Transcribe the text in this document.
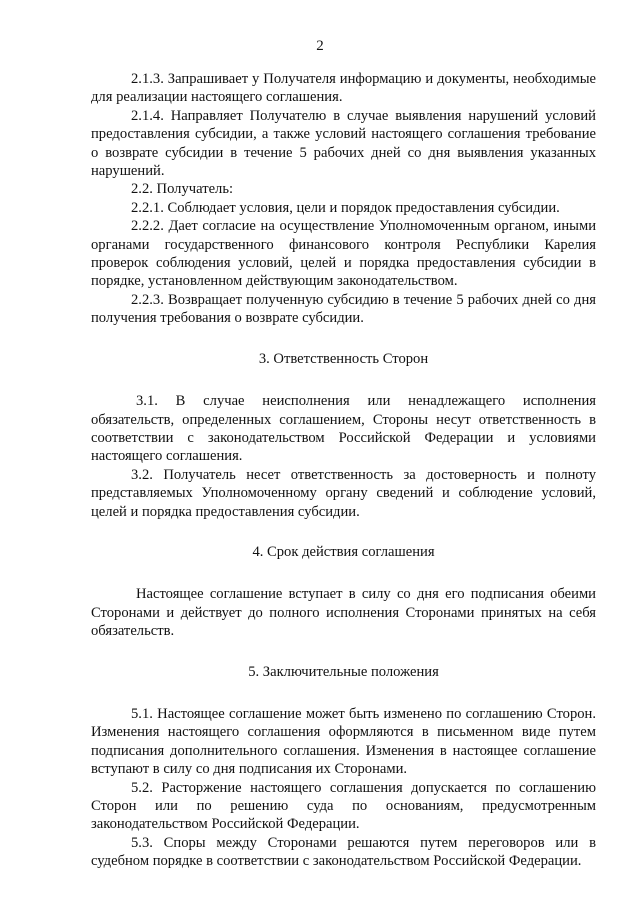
2

2.1.3. Запрашивает у Получателя информацию и документы, необходимые для реализации настоящего соглашения.

2.1.4. Направляет Получателю в случае выявления нарушений условий предоставления субсидии, а также условий настоящего соглашения требование о возврате субсидии в течение 5 рабочих дней со дня выявления указанных нарушений.

2.2. Получатель:

2.2.1. Соблюдает условия, цели и порядок предоставления субсидии.

2.2.2. Дает согласие на осуществление Уполномоченным органом, иными органами государственного финансового контроля Республики Карелия проверок соблюдения условий, целей и порядка предоставления субсидии в порядке, установленном действующим законодательством.

2.2.3. Возвращает полученную субсидию в течение 5 рабочих дней со дня получения требования о возврате субсидии.

3. Ответственность Сторон

3.1. В случае неисполнения или ненадлежащего исполнения обязательств, определенных соглашением, Стороны несут ответственность в соответствии с законодательством Российской Федерации и условиями настоящего соглашения.

3.2. Получатель несет ответственность за достоверность и полноту представляемых Уполномоченному органу сведений и соблюдение условий, целей и порядка предоставления субсидии.

4. Срок действия соглашения

Настоящее соглашение вступает в силу со дня его подписания обеими Сторонами и действует до полного исполнения Сторонами принятых на себя обязательств.

5. Заключительные положения

5.1. Настоящее соглашение может быть изменено по соглашению Сторон. Изменения настоящего соглашения оформляются в письменном виде путем подписания дополнительного соглашения. Изменения в настоящее соглашение вступают в силу со дня подписания их Сторонами.

5.2. Расторжение настоящего соглашения допускается по соглашению Сторон или по решению суда по основаниям, предусмотренным законодательством Российской Федерации.

5.3. Споры между Сторонами решаются путем переговоров или в судебном порядке в соответствии с законодательством Российской Федерации.
